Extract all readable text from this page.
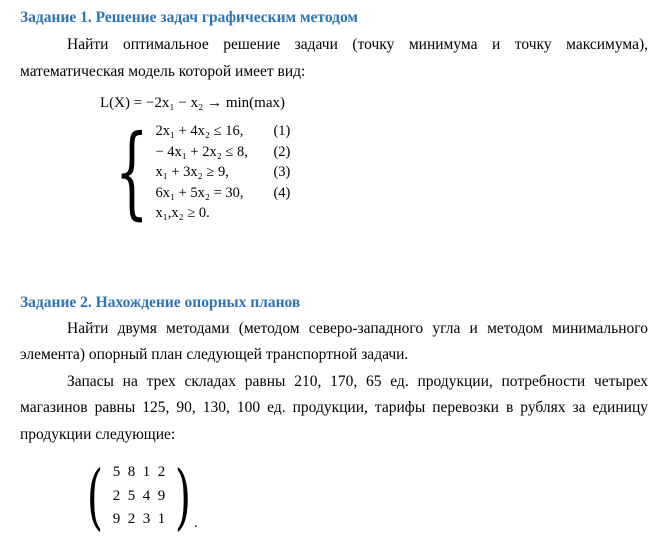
Задание 1. Решение задач графическим методом

Найти оптимальное решение задачи (точку минимума и точку максимума), математическая модель которой имеет вид:

L(X) = −2x₁ − x₂ → min(max)
{ 2x₁ + 4x₂ ≤ 16,	(1)
− 4x₁ + 2x₂ ≤ 8,	(2)
x₁ + 3x₂ ≥ 9,	(3)
6x₁ + 5x₂ = 30,	(4)
x₁,x₂ ≥ 0.
Задание 2. Нахождение опорных планов

Найти двумя методами (методом северо-западного угла и методом минимального элемента) опорный план следующей транспортной задачи.

Запасы на трех складах равны 210, 170, 65 ед. продукции, потребности четырех магазинов равны 125, 90, 130, 100 ед. продукции, тарифы перевозки в рублях за единицу продукции следующие:

( 5 8 1 2
2 5 4 9
9 2 3 1 ) .
